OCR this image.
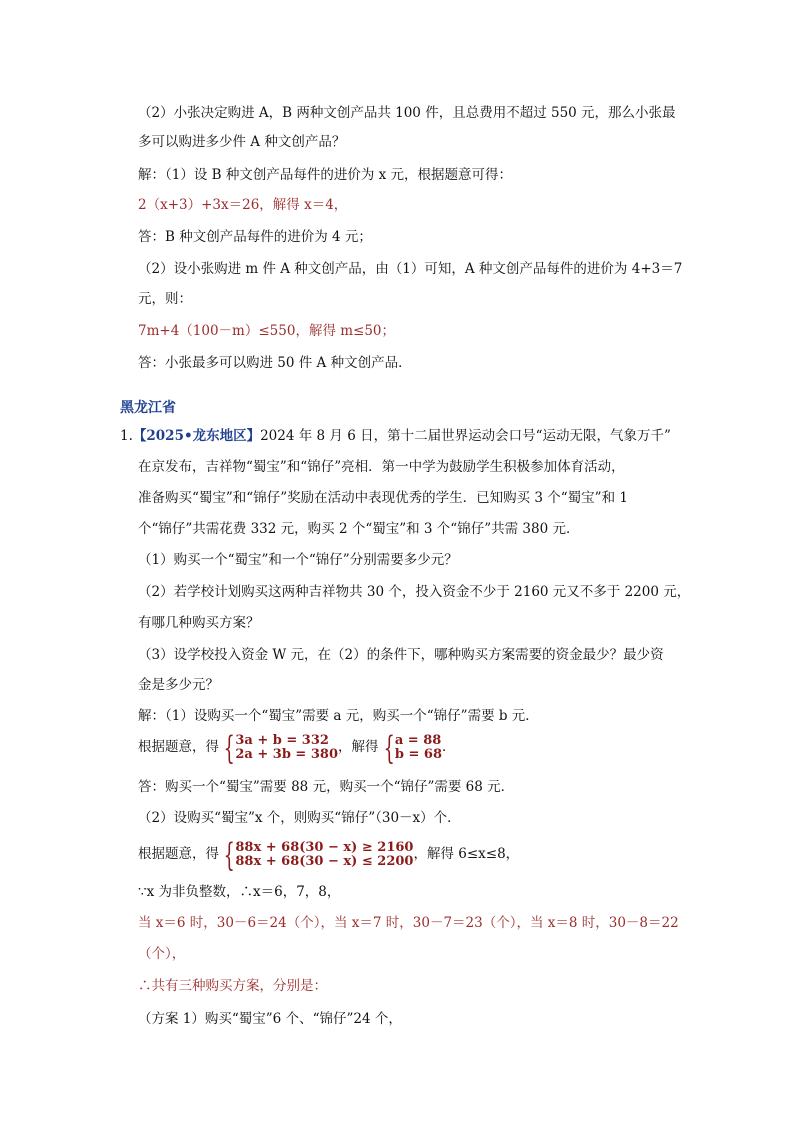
（2）小张决定购进 A，B 两种文创产品共 100 件，且总费用不超过 550 元，那么小张最
多可以购进多少件 A 种文创产品？
解：（1）设 B 种文创产品每件的进价为 x 元，根据题意可得：
2（x+3）+3x＝26，解得 x＝4，
答：B 种文创产品每件的进价为 4 元；
（2）设小张购进 m 件 A 种文创产品，由（1）可知，A 种文创产品每件的进价为 4+3＝7
元，则：
7m+4（100－m）≤550，解得 m≤50；
答：小张最多可以购进 50 件 A 种文创产品．
黑龙江省
1.【2025•龙东地区】2024 年 8 月 6 日，第十二届世界运动会口号“运动无限，气象万千”
在京发布，吉祥物“蜀宝”和“锦仔”亮相．第一中学为鼓励学生积极参加体育活动，
准备购买“蜀宝”和“锦仔”奖励在活动中表现优秀的学生．已知购买 3 个“蜀宝”和 1
个“锦仔”共需花费 332 元，购买 2 个“蜀宝”和 3 个“锦仔”共需 380 元．
（1）购买一个“蜀宝”和一个“锦仔”分别需要多少元？
（2）若学校计划购买这两种吉祥物共 30 个，投入资金不少于 2160 元又不多于 2200 元，
有哪几种购买方案？
（3）设学校投入资金 W 元，在（2）的条件下，哪种购买方案需要的资金最少？最少资
金是多少元？
解：（1）设购买一个“蜀宝”需要 a 元，购买一个“锦仔”需要 b 元．
根据题意，得 { 3a + b = 332
2a + 3b = 380 ，解得 { a = 88
b = 68 ．
答：购买一个“蜀宝”需要 88 元，购买一个“锦仔”需要 68 元．
（2）设购买“蜀宝”x 个，则购买“锦仔”（30－x）个．
根据题意，得 { 88x + 68(30 − x) ≥ 2160
88x + 68(30 − x) ≤ 2200 ，解得 6≤x≤8，
∵x 为非负整数，∴x＝6，7，8，
当 x＝6 时，30－6＝24（个），当 x＝7 时，30－7＝23（个），当 x＝8 时，30－8＝22
（个），
∴共有三种购买方案，分别是：
（方案 1）购买“蜀宝”6 个、“锦仔”24 个，
